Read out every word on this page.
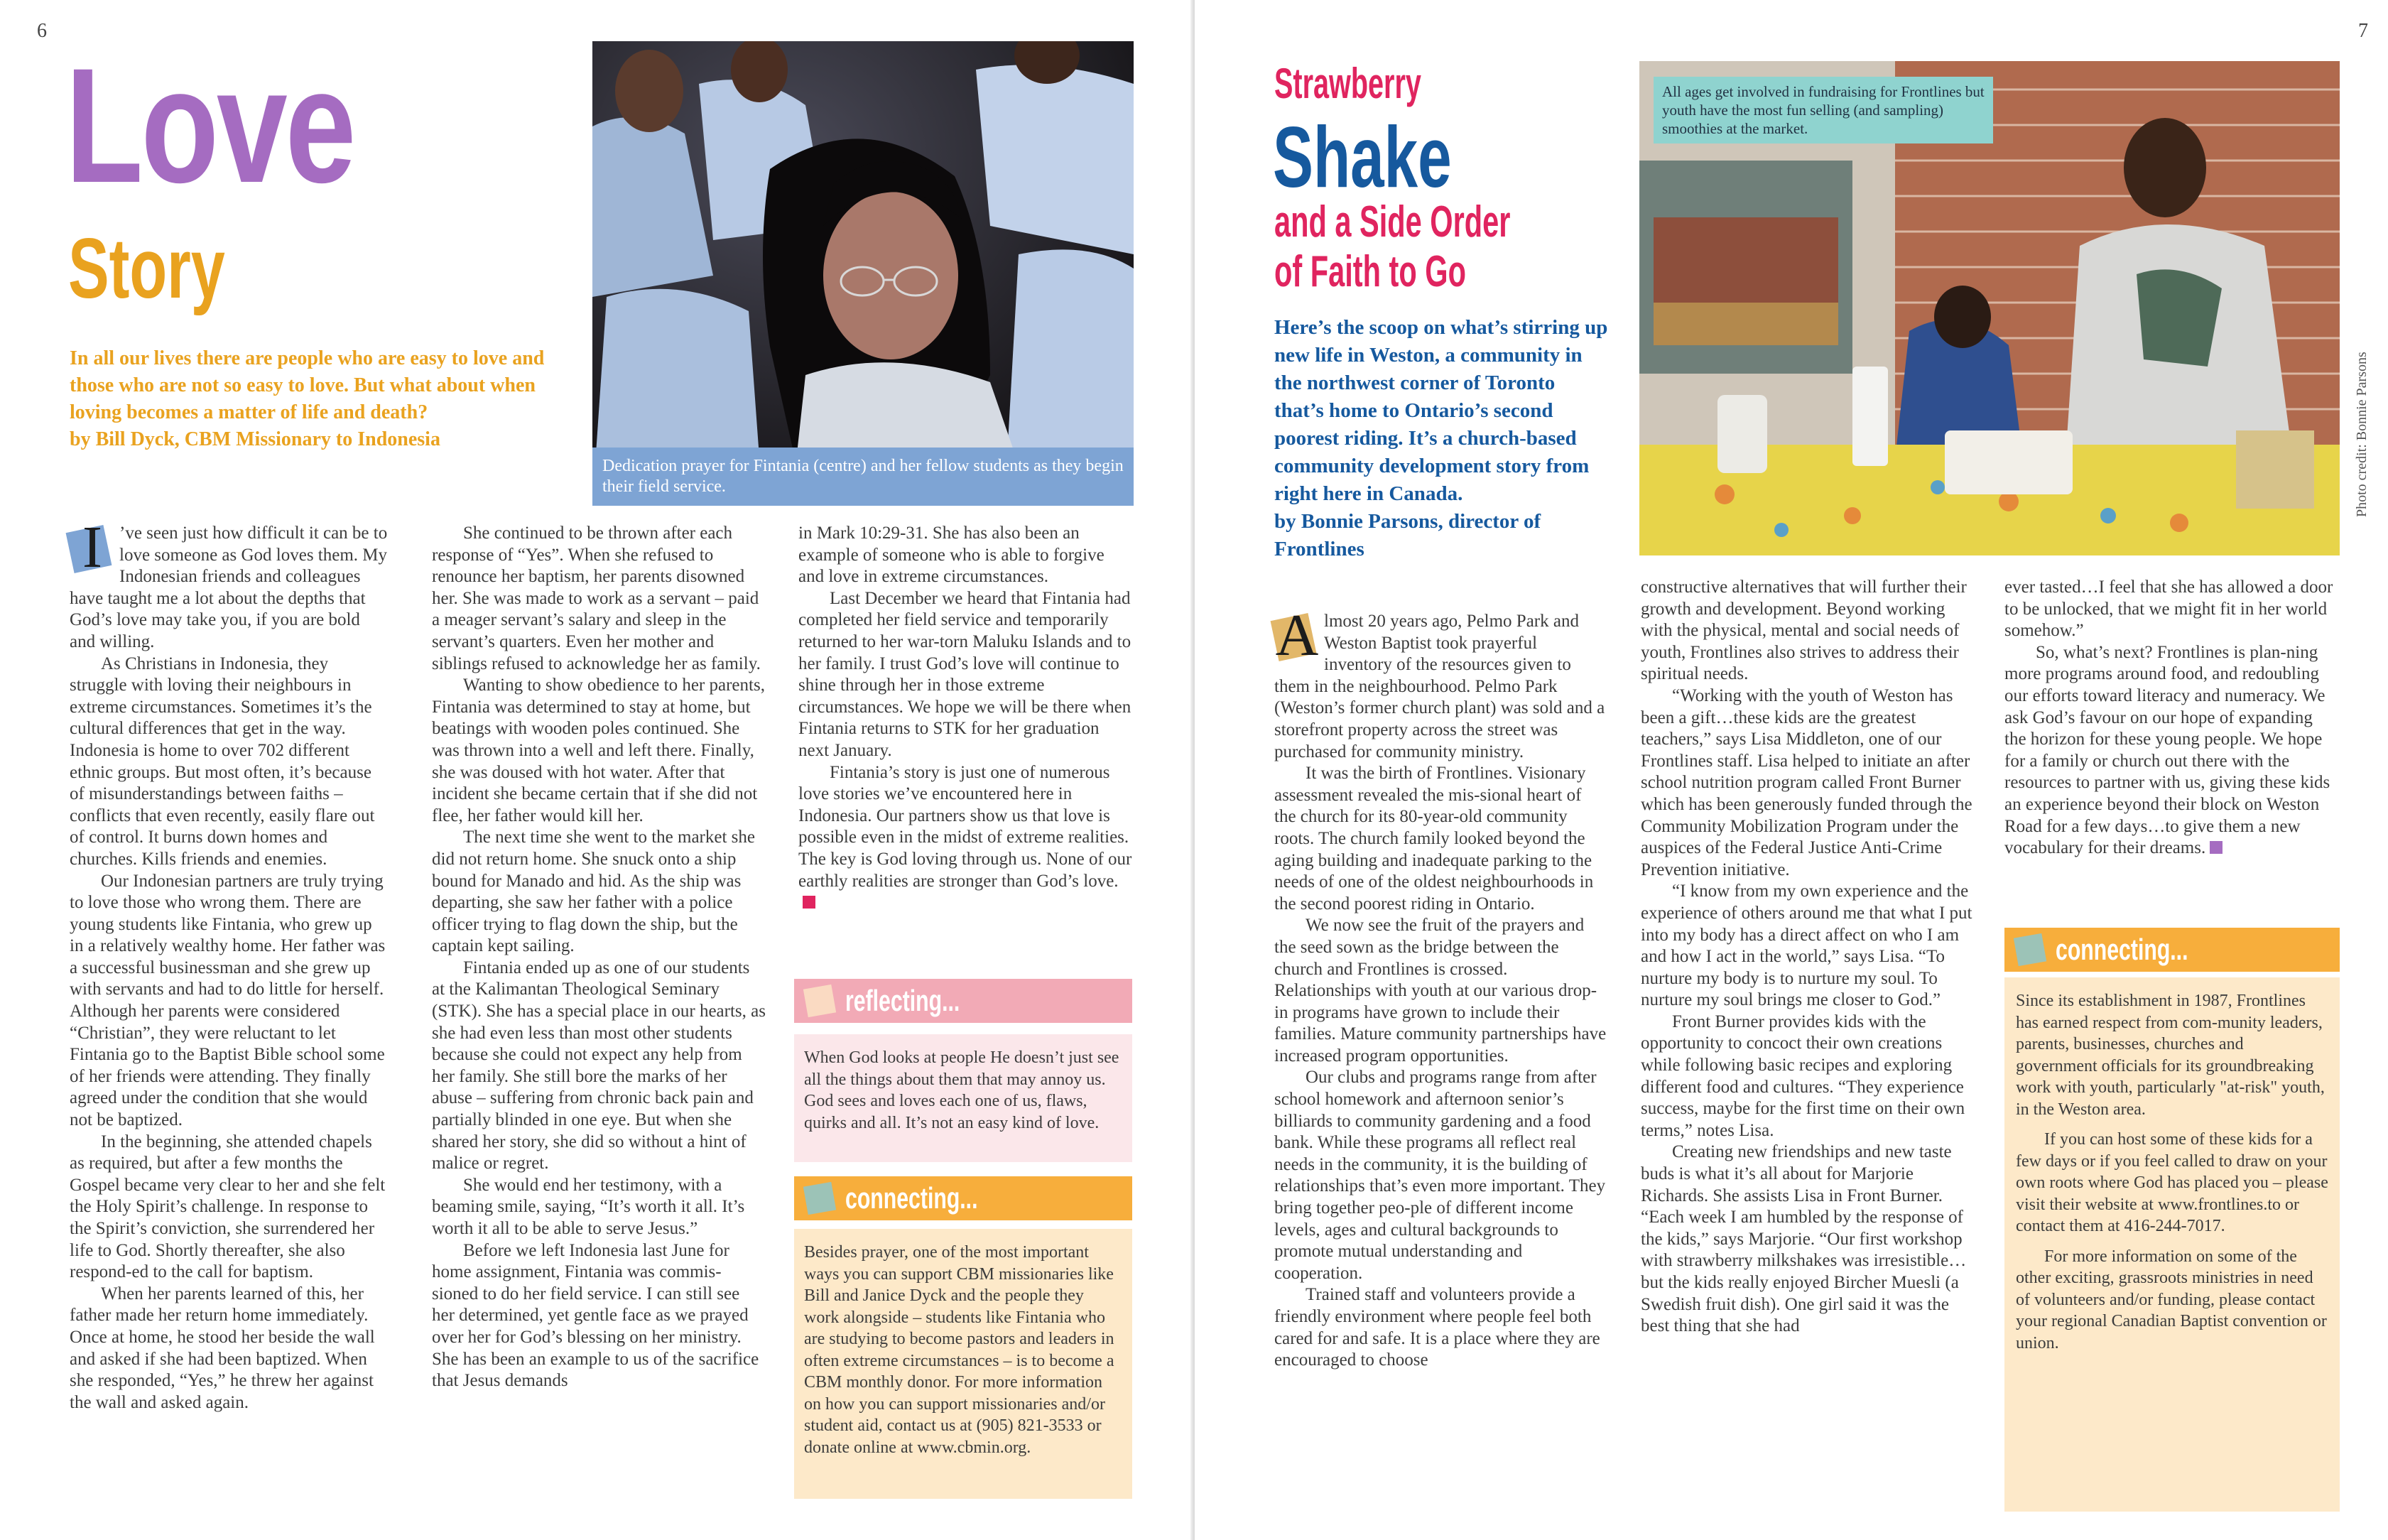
6
Love
Story

In all our lives there are people who are easy to love and those who are not so easy to love. But what about when loving becomes a matter of life and death?

by Bill Dyck, CBM Missionary to Indonesia

Dedication prayer for Fintania (centre) and her fellow students as they begin their field service.

I ’ve seen just how difficult it can be to love someone as God loves them. My Indonesian friends and colleagues have taught me a lot about the depths that God’s love may take you, if you are bold and willing.

As Christians in Indonesia, they struggle with loving their neighbours in extreme circumstances. Sometimes it’s the cultural differences that get in the way. Indonesia is home to over 702 different ethnic groups. But most often, it’s because of misunderstandings between faiths – conflicts that even recently, easily flare out of control. It burns down homes and churches. Kills friends and enemies.

Our Indonesian partners are truly trying to love those who wrong them. There are young students like Fintania, who grew up in a relatively wealthy home. Her father was a successful businessman and she grew up with servants and had to do little for herself. Although her parents were considered “Christian”, they were reluctant to let Fintania go to the Baptist Bible school some of her friends were attending. They finally agreed under the condition that she would not be baptized.

In the beginning, she attended chapels as required, but after a few months the Gospel became very clear to her and she felt the Holy Spirit’s challenge. In response to the Spirit’s conviction, she surrendered her life to God. Shortly thereafter, she also respond-ed to the call for baptism.

When her parents learned of this, her father made her return home immediately. Once at home, he stood her beside the wall and asked if she had been baptized. When she responded, “Yes,” he threw her against the wall and asked again.

She continued to be thrown after each response of “Yes”. When she refused to renounce her baptism, her parents disowned her. She was made to work as a servant – paid a meager servant’s salary and sleep in the servant’s quarters. Even her mother and siblings refused to acknowledge her as family.

Wanting to show obedience to her parents, Fintania was determined to stay at home, but beatings with wooden poles continued. She was thrown into a well and left there. Finally, she was doused with hot water. After that incident she became certain that if she did not flee, her father would kill her.

The next time she went to the market she did not return home. She snuck onto a ship bound for Manado and hid. As the ship was departing, she saw her father with a police officer trying to flag down the ship, but the captain kept sailing.

Fintania ended up as one of our students at the Kalimantan Theological Seminary (STK). She has a special place in our hearts, as she had even less than most other students because she could not expect any help from her family. She still bore the marks of her abuse – suffering from chronic back pain and partially blinded in one eye. But when she shared her story, she did so without a hint of malice or regret.

She would end her testimony, with a beaming smile, saying, “It’s worth it all. It’s worth it all to be able to serve Jesus.”

Before we left Indonesia last June for home assignment, Fintania was commis-sioned to do her field service. I can still see her determined, yet gentle face as we prayed over her for God’s blessing on her ministry. She has been an example to us of the sacrifice that Jesus demands

in Mark 10:29-31. She has also been an example of someone who is able to forgive and love in extreme circumstances.

Last December we heard that Fintania had completed her field service and temporarily returned to her war-torn Maluku Islands and to her family. I trust God’s love will continue to shine through her in those extreme circumstances. We hope we will be there when Fintania returns to STK for her graduation next January.

Fintania’s story is just one of numerous love stories we’ve encountered here in Indonesia. Our partners show us that love is possible even in the midst of extreme realities. The key is God loving through us. None of our earthly realities are stronger than God’s love.

reflecting...

When God looks at people He doesn’t just see all the things about them that may annoy us. God sees and loves each one of us, flaws, quirks and all. It’s not an easy kind of love.

connecting...

Besides prayer, one of the most important ways you can support CBM missionaries like Bill and Janice Dyck and the people they work alongside – students like Fintania who are studying to become pastors and leaders in often extreme circumstances – is to become a CBM monthly donor. For more information on how you can support missionaries and/or student aid, contact us at (905) 821-3533 or donate online at www.cbmin.org.

7
Strawberry
Shake
and a Side Order
of Faith to Go

Here’s the scoop on what’s stirring up new life in Weston, a community in the northwest corner of Toronto that’s home to Ontario’s second poorest riding. It’s a church-based community development story from right here in Canada.

by Bonnie Parsons, director of Frontlines

All ages get involved in fundraising for Frontlines but youth have the most fun selling (and sampling) smoothies at the market.
Photo credit: Bonnie Parsons

Almost 20 years ago, Pelmo Park and Weston Baptist took prayerful inventory of the resources given to them in the neighbourhood. Pelmo Park (Weston’s former church plant) was sold and a storefront property across the street was purchased for community ministry.

It was the birth of Frontlines. Visionary assessment revealed the mis-sional heart of the church for its 80-year-old community roots. The church family looked beyond the aging building and inadequate parking to the needs of one of the oldest neighbourhoods in the second poorest riding in Ontario.

We now see the fruit of the prayers and the seed sown as the bridge between the church and Frontlines is crossed. Relationships with youth at our various drop-in programs have grown to include their families. Mature community partnerships have increased program opportunities.

Our clubs and programs range from after school homework and afternoon senior’s billiards to community gardening and a food bank. While these programs all reflect real needs in the community, it is the building of relationships that’s even more important. They bring together peo-ple of different income levels, ages and cultural backgrounds to promote mutual understanding and cooperation.

Trained staff and volunteers provide a friendly environment where people feel both cared for and safe. It is a place where they are encouraged to choose

constructive alternatives that will further their growth and development. Beyond working with the physical, mental and social needs of youth, Frontlines also strives to address their spiritual needs.

“Working with the youth of Weston has been a gift…these kids are the greatest teachers,” says Lisa Middleton, one of our Frontlines staff. Lisa helped to initiate an after school nutrition program called Front Burner which has been generously funded through the Community Mobilization Program under the auspices of the Federal Justice Anti-Crime Prevention initiative.

“I know from my own experience and the experience of others around me that what I put into my body has a direct affect on who I am and how I act in the world,” says Lisa. “To nurture my body is to nurture my soul. To nurture my soul brings me closer to God.”

Front Burner provides kids with the opportunity to concoct their own creations while following basic recipes and exploring different food and cultures. “They experience success, maybe for the first time on their own terms,” notes Lisa.

Creating new friendships and new taste buds is what it’s all about for Marjorie Richards. She assists Lisa in Front Burner. “Each week I am humbled by the response of the kids,” says Marjorie. “Our first workshop with strawberry milkshakes was irresistible… but the kids really enjoyed Bircher Muesli (a Swedish fruit dish). One girl said it was the best thing that she had

ever tasted…I feel that she has allowed a door to be unlocked, that we might fit in her world somehow.”

So, what’s next? Frontlines is plan-ning more programs around food, and redoubling our efforts toward literacy and numeracy. We ask God’s favour on our hope of expanding the horizon for these young people. We hope for a family or church out there with the resources to partner with us, giving these kids an experience beyond their block on Weston Road for a few days…to give them a new vocabulary for their dreams.

connecting...

Since its establishment in 1987, Frontlines has earned respect from com-munity leaders, parents, businesses, churches and government officials for its groundbreaking work with youth, particularly "at-risk" youth, in the Weston area.

If you can host some of these kids for a few days or if you feel called to draw on your own roots where God has placed you – please visit their website at www.frontlines.to or contact them at 416-244-7017.

For more information on some of the other exciting, grassroots ministries in need of volunteers and/or funding, please contact your regional Canadian Baptist convention or union.
